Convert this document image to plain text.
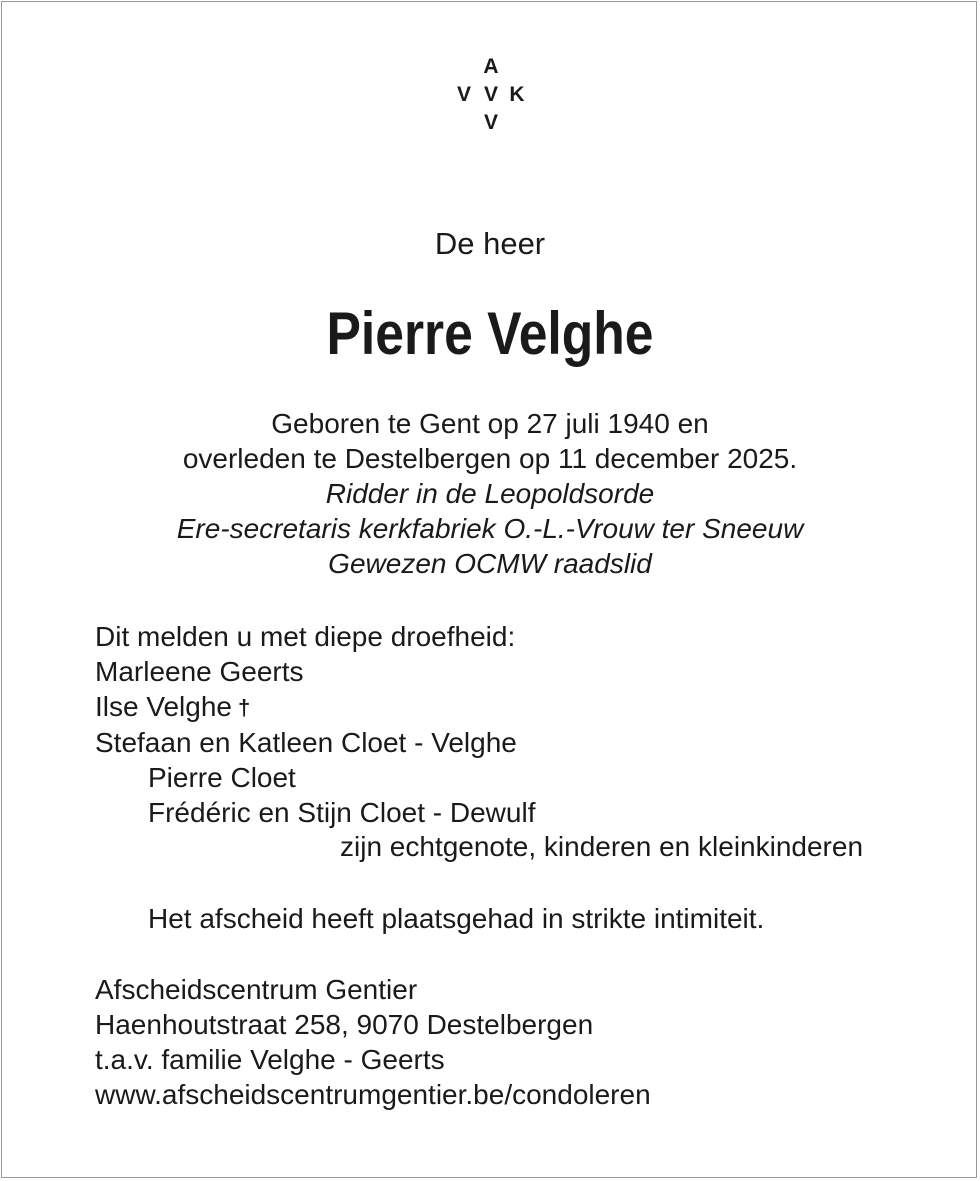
A
V V K
V
De heer
Pierre Velghe
Geboren te Gent op 27 juli 1940 en
overleden te Destelbergen op 11 december 2025.
Ridder in de Leopoldsorde
Ere-secretaris kerkfabriek O.-L.-Vrouw ter Sneeuw
Gewezen OCMW raadslid
Dit melden u met diepe droefheid:
Marleene Geerts
Ilse Velghe †
Stefaan en Katleen Cloet - Velghe
Pierre Cloet
Frédéric en Stijn Cloet - Dewulf
zijn echtgenote, kinderen en kleinkinderen
Het afscheid heeft plaatsgehad in strikte intimiteit.
Afscheidscentrum Gentier
Haenhoutstraat 258, 9070 Destelbergen
t.a.v. familie Velghe - Geerts
www.afscheidscentrumgentier.be/condoleren
